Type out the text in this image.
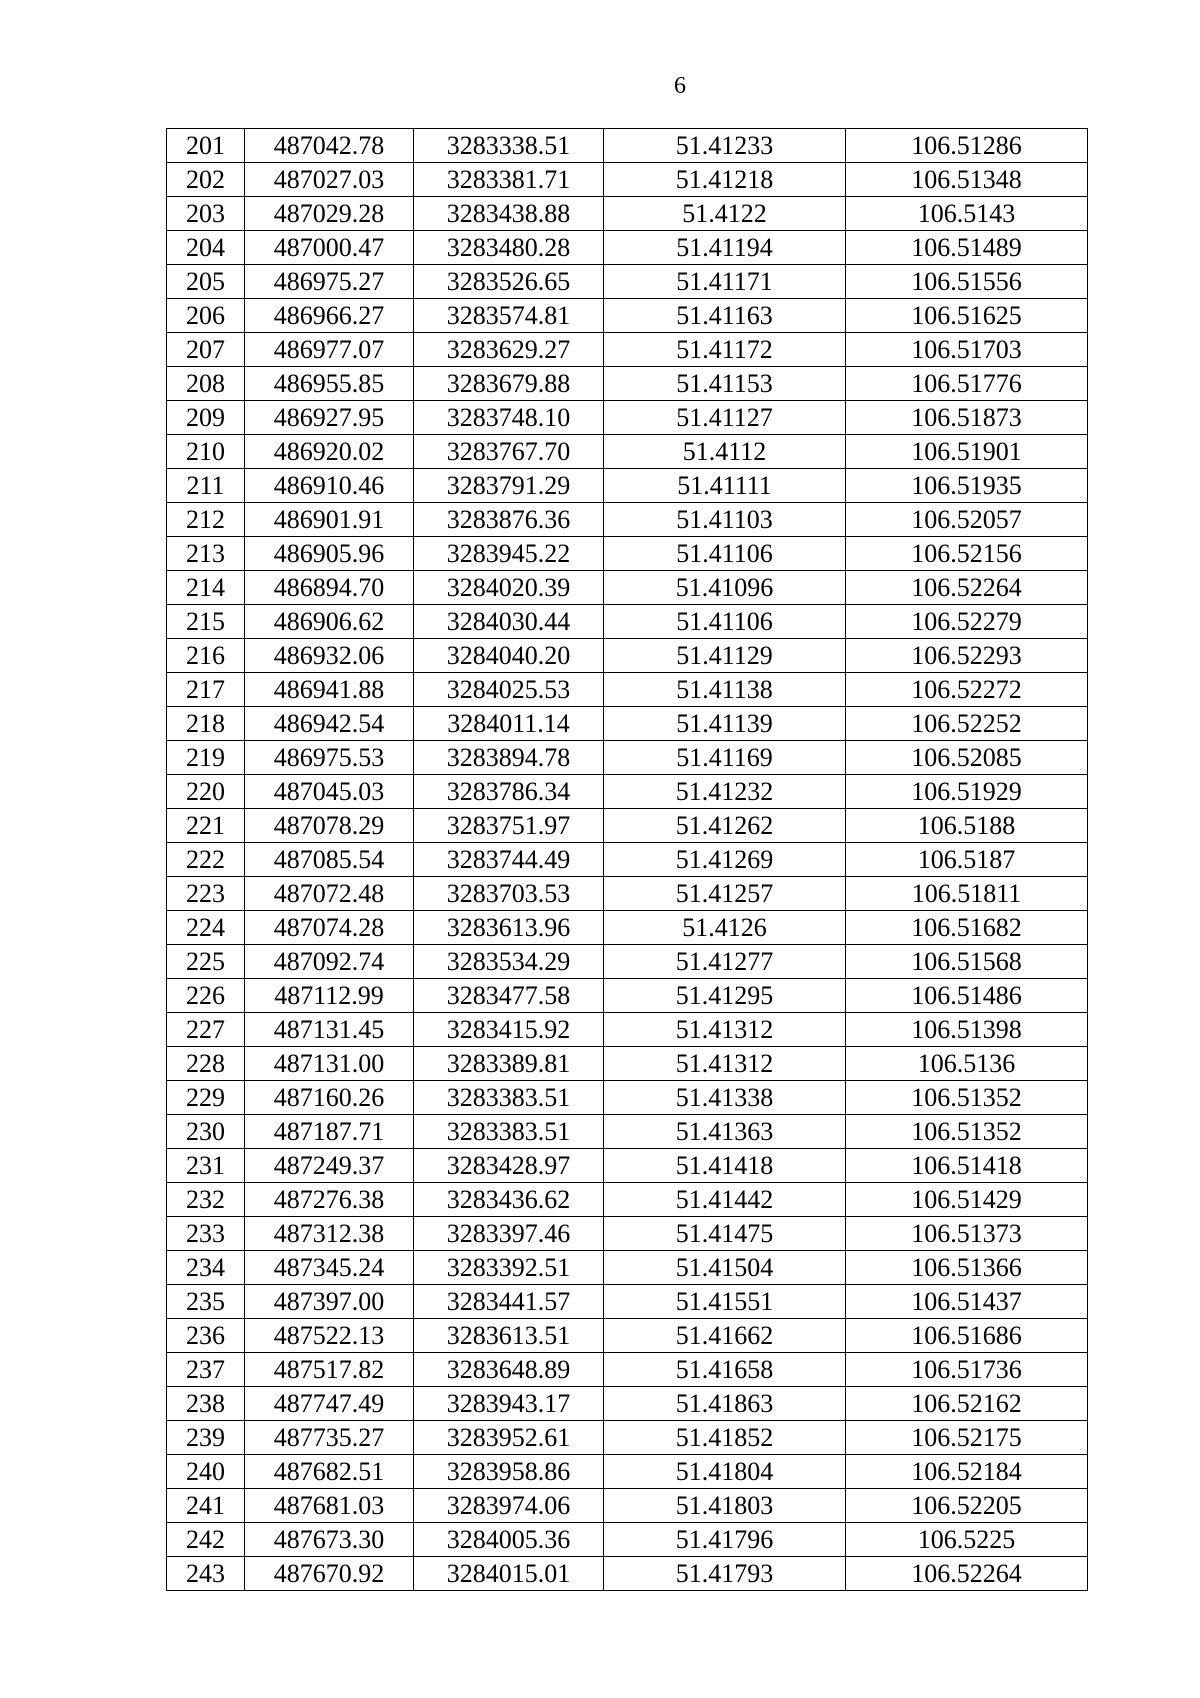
6
201	487042.78	3283338.51	51.41233	106.51286
202	487027.03	3283381.71	51.41218	106.51348
203	487029.28	3283438.88	51.4122	106.5143
204	487000.47	3283480.28	51.41194	106.51489
205	486975.27	3283526.65	51.41171	106.51556
206	486966.27	3283574.81	51.41163	106.51625
207	486977.07	3283629.27	51.41172	106.51703
208	486955.85	3283679.88	51.41153	106.51776
209	486927.95	3283748.10	51.41127	106.51873
210	486920.02	3283767.70	51.4112	106.51901
211	486910.46	3283791.29	51.41111	106.51935
212	486901.91	3283876.36	51.41103	106.52057
213	486905.96	3283945.22	51.41106	106.52156
214	486894.70	3284020.39	51.41096	106.52264
215	486906.62	3284030.44	51.41106	106.52279
216	486932.06	3284040.20	51.41129	106.52293
217	486941.88	3284025.53	51.41138	106.52272
218	486942.54	3284011.14	51.41139	106.52252
219	486975.53	3283894.78	51.41169	106.52085
220	487045.03	3283786.34	51.41232	106.51929
221	487078.29	3283751.97	51.41262	106.5188
222	487085.54	3283744.49	51.41269	106.5187
223	487072.48	3283703.53	51.41257	106.51811
224	487074.28	3283613.96	51.4126	106.51682
225	487092.74	3283534.29	51.41277	106.51568
226	487112.99	3283477.58	51.41295	106.51486
227	487131.45	3283415.92	51.41312	106.51398
228	487131.00	3283389.81	51.41312	106.5136
229	487160.26	3283383.51	51.41338	106.51352
230	487187.71	3283383.51	51.41363	106.51352
231	487249.37	3283428.97	51.41418	106.51418
232	487276.38	3283436.62	51.41442	106.51429
233	487312.38	3283397.46	51.41475	106.51373
234	487345.24	3283392.51	51.41504	106.51366
235	487397.00	3283441.57	51.41551	106.51437
236	487522.13	3283613.51	51.41662	106.51686
237	487517.82	3283648.89	51.41658	106.51736
238	487747.49	3283943.17	51.41863	106.52162
239	487735.27	3283952.61	51.41852	106.52175
240	487682.51	3283958.86	51.41804	106.52184
241	487681.03	3283974.06	51.41803	106.52205
242	487673.30	3284005.36	51.41796	106.5225
243	487670.92	3284015.01	51.41793	106.52264
